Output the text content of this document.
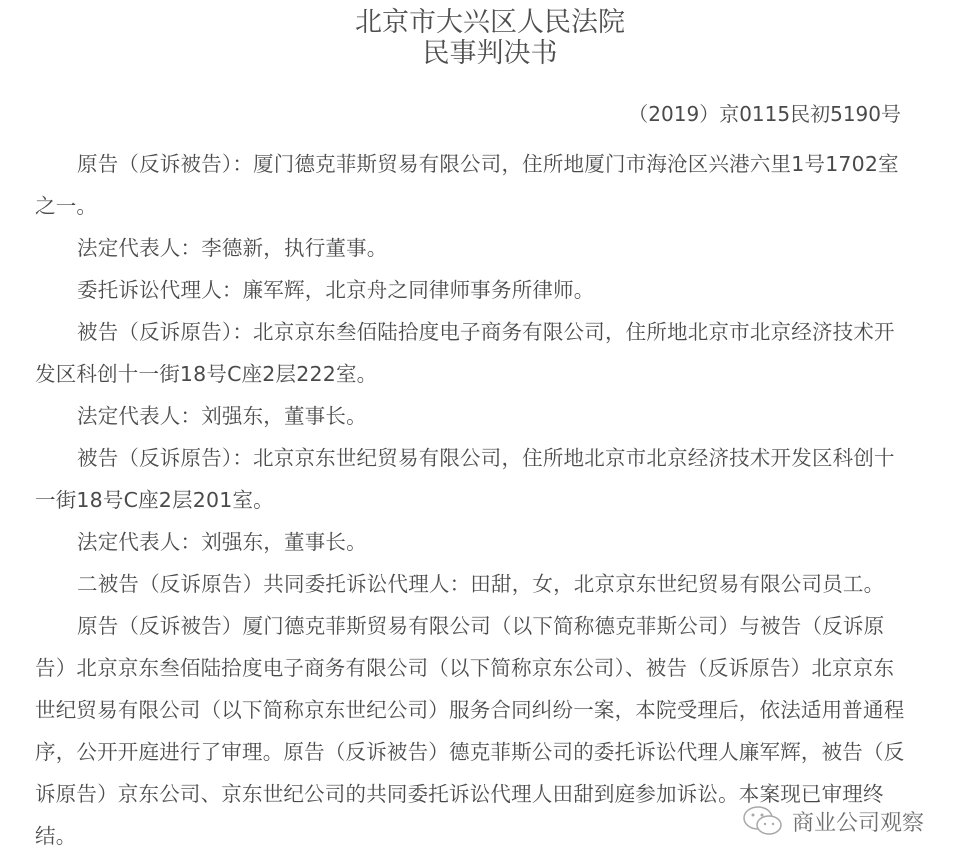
北京市大兴区人民法院
民事判决书
（2019）京0115民初5190号
原告（反诉被告）：厦门德克菲斯贸易有限公司，住所地厦门市海沧区兴港六里1号1702室
之一。
法定代表人：李德新，执行董事。
委托诉讼代理人：廉军辉，北京舟之同律师事务所律师。
被告（反诉原告）：北京京东叁佰陆拾度电子商务有限公司，住所地北京市北京经济技术开
发区科创十一街18号C座2层222室。
法定代表人：刘强东，董事长。
被告（反诉原告）：北京京东世纪贸易有限公司，住所地北京市北京经济技术开发区科创十
一街18号C座2层201室。
法定代表人：刘强东，董事长。
二被告（反诉原告）共同委托诉讼代理人：田甜，女，北京京东世纪贸易有限公司员工。
原告（反诉被告）厦门德克菲斯贸易有限公司（以下简称德克菲斯公司）与被告（反诉原
告）北京京东叁佰陆拾度电子商务有限公司（以下简称京东公司）、被告（反诉原告）北京京东
世纪贸易有限公司（以下简称京东世纪公司）服务合同纠纷一案，本院受理后，依法适用普通程
序，公开开庭进行了审理。原告（反诉被告）德克菲斯公司的委托诉讼代理人廉军辉，被告（反
诉原告）京东公司、京东世纪公司的共同委托诉讼代理人田甜到庭参加诉讼。本案现已审理终
结。
商业公司观察
